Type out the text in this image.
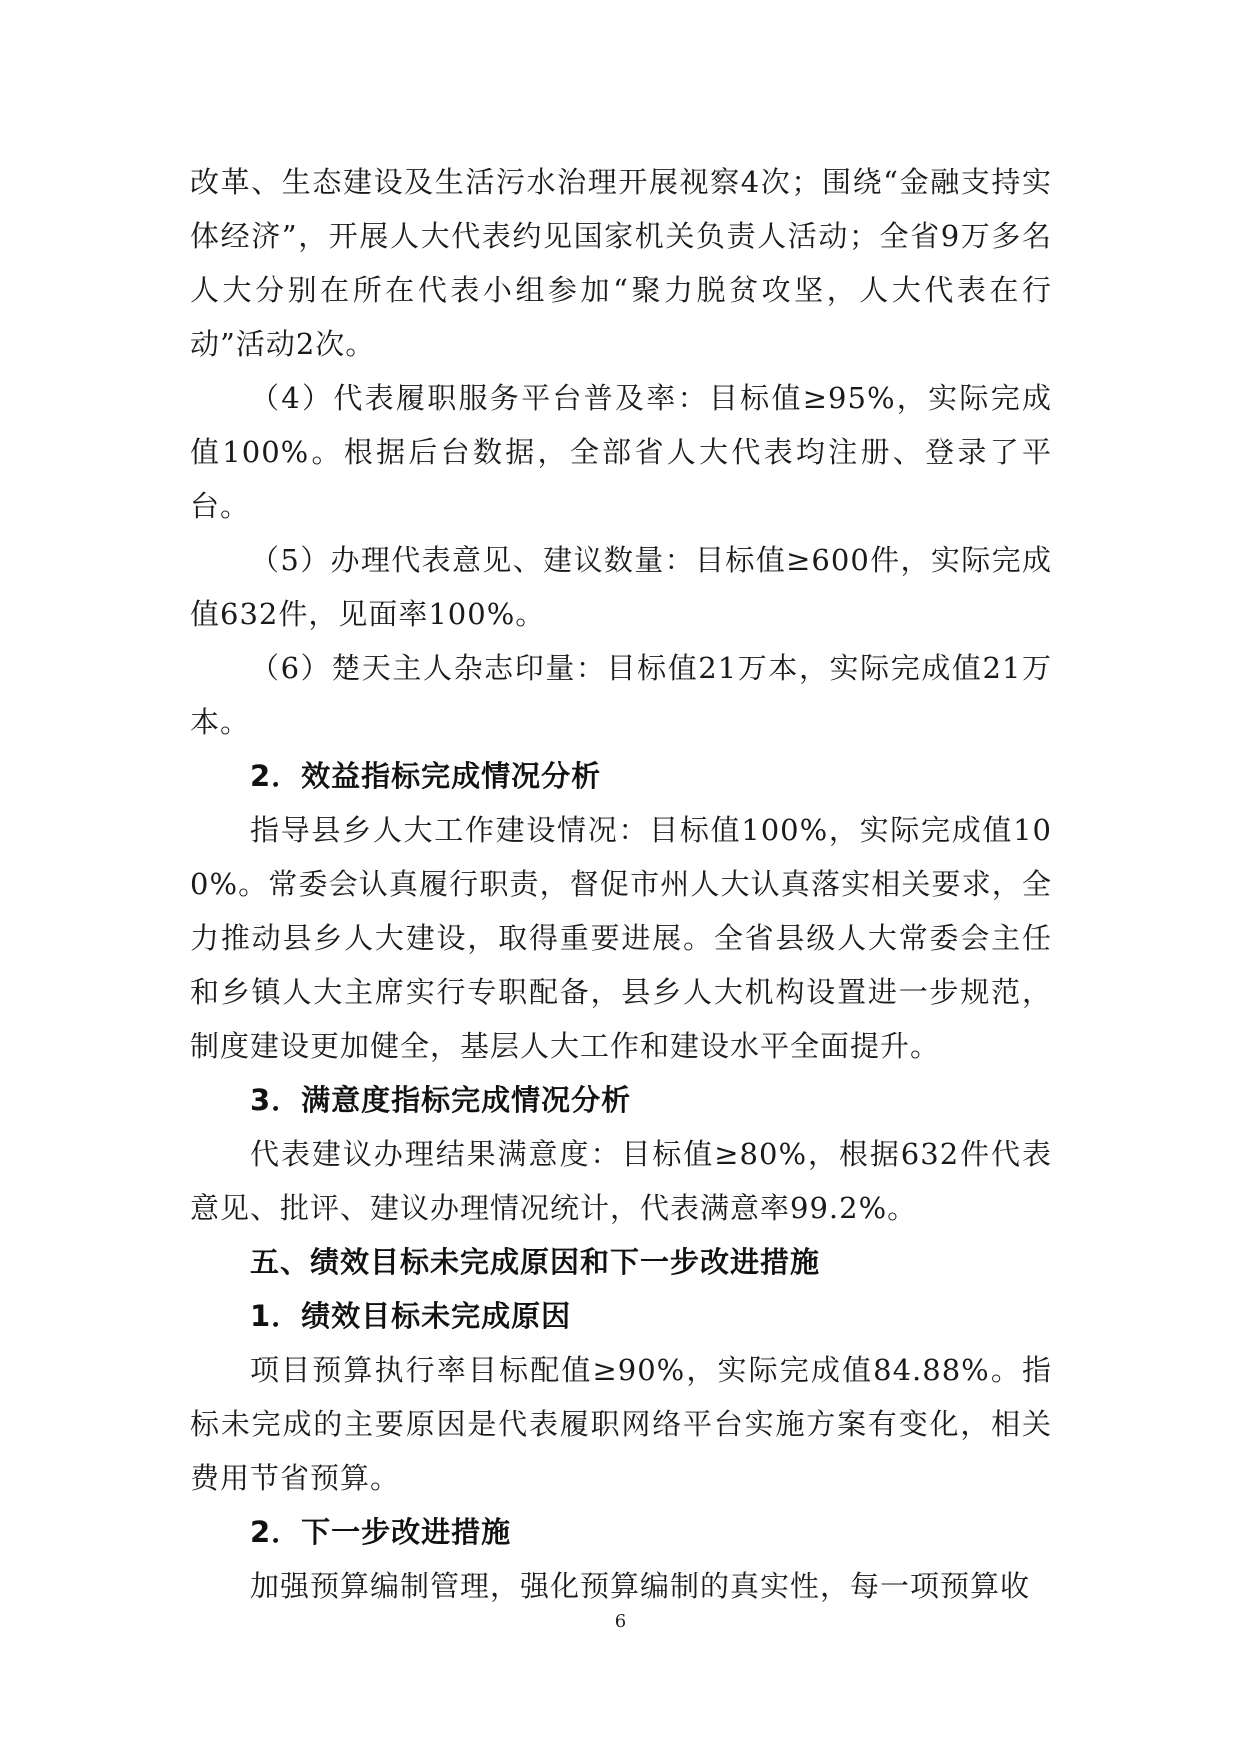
改革、生态建设及生活污水治理开展视察4次；围绕“金融支持实体经济”，开展人大代表约见国家机关负责人活动；全省9万多名人大分别在所在代表小组参加“聚力脱贫攻坚，人大代表在行动”活动2次。

（4）代表履职服务平台普及率：目标值≥95%，实际完成值100%。根据后台数据，全部省人大代表均注册、登录了平台。

（5）办理代表意见、建议数量：目标值≥600件，实际完成值632件，见面率100%。

（6）楚天主人杂志印量：目标值21万本，实际完成值21万本。

2．效益指标完成情况分析

指导县乡人大工作建设情况：目标值100%，实际完成值100%。常委会认真履行职责，督促市州人大认真落实相关要求，全力推动县乡人大建设，取得重要进展。全省县级人大常委会主任和乡镇人大主席实行专职配备，县乡人大机构设置进一步规范，制度建设更加健全，基层人大工作和建设水平全面提升。

3．满意度指标完成情况分析

代表建议办理结果满意度：目标值≥80%，根据632件代表意见、批评、建议办理情况统计，代表满意率99.2%。

五、绩效目标未完成原因和下一步改进措施

1．绩效目标未完成原因

项目预算执行率目标配值≥90%，实际完成值84.88%。指标未完成的主要原因是代表履职网络平台实施方案有变化，相关费用节省预算。

2．下一步改进措施

加强预算编制管理，强化预算编制的真实性，每一项预算收

6
